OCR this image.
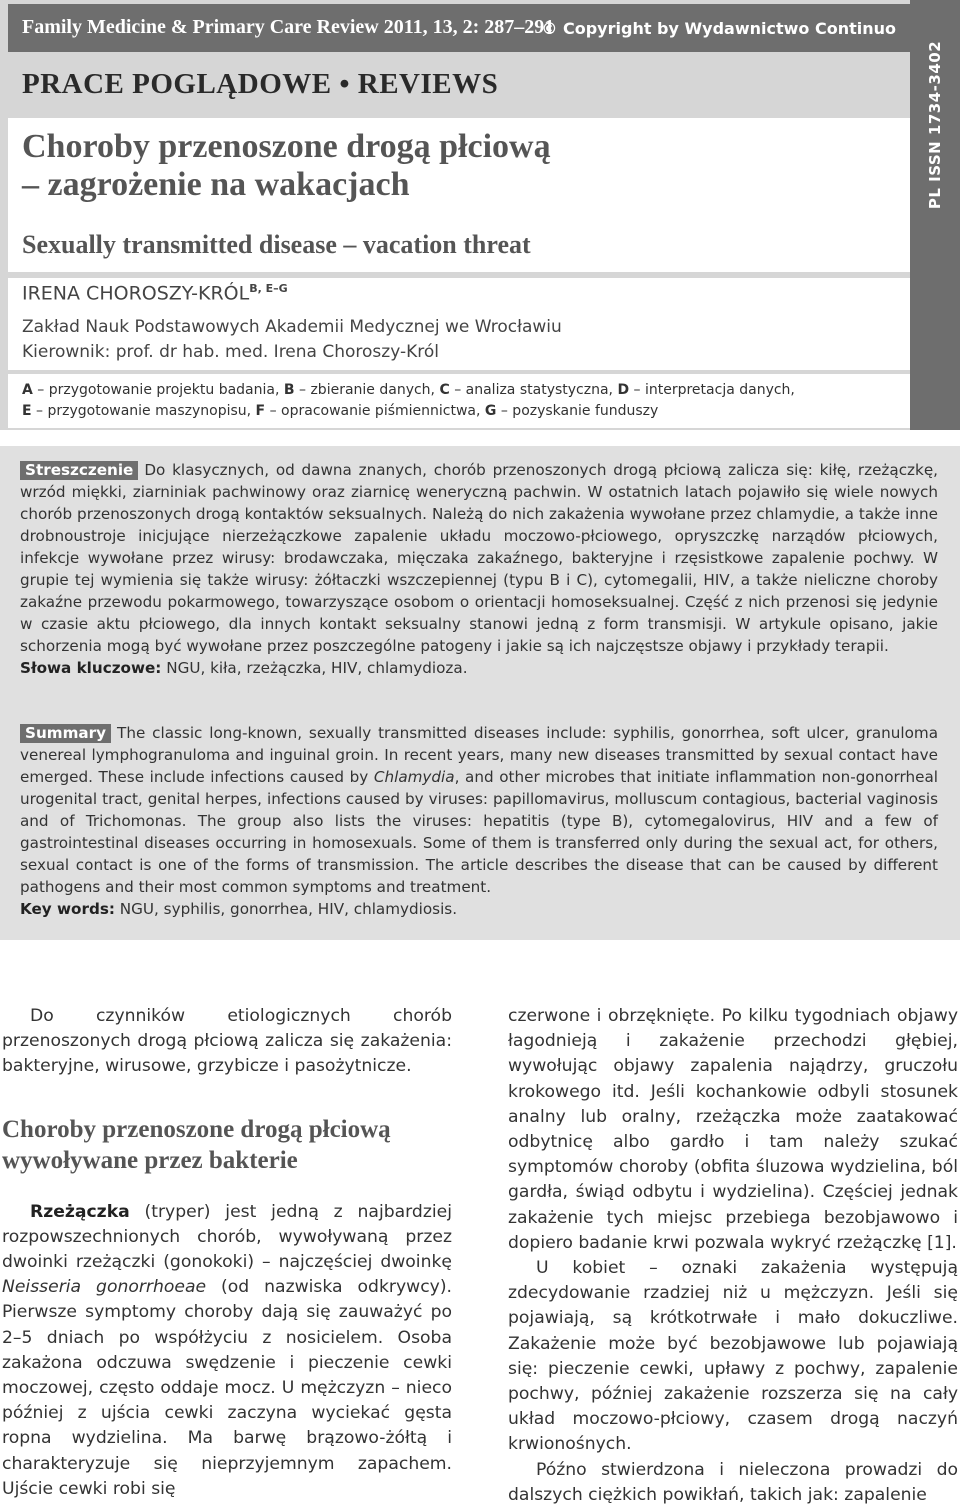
Family Medicine & Primary Care Review 2011, 13, 2: 287–291
© Copyright by Wydawnictwo Continuo
PL ISSN 1734-3402
PRACE POGLĄDOWE • REVIEWS
Choroby przenoszone drogą płciową
– zagrożenie na wakacjach
Sexually transmitted disease – vacation threat
IRENA CHOROSZY-$KRÓL^{B, E-G}$
Zakład Nauk Podstawowych Akademii Medycznej we Wrocławiu
Kierownik: prof. dr hab. med. Irena Choroszy-Król
A – przygotowanie projektu badania, B – zbieranie danych, C – analiza statystyczna, D – interpretacja danych,
E – przygotowanie maszynopisu, F – opracowanie piśmiennictwa, G – pozyskanie funduszy
Streszczenie Do klasycznych, od dawna znanych, chorób przenoszonych drogą płciową zalicza się: kiłę, rzeżączkę, wrzód miękki, ziarniniak pachwinowy oraz ziarnicę weneryczną pachwin. W ostatnich latach pojawiło się wiele nowych chorób przenoszonych drogą kontaktów seksualnych. Należą do nich zakażenia wywołane przez chlamydie, a także inne drobnoustroje inicjujące nierzeżączkowe zapalenie układu moczowo-płciowego, opryszczkę narządów płciowych, infekcje wywołane przez wirusy: brodawczaka, mięczaka zakaźnego, bakteryjne i rzęsistkowe zapalenie pochwy. W grupie tej wymienia się także wirusy: żółtaczki wszczepiennej (typu B i C), cytomegalii, HIV, a także nieliczne choroby zakaźne przewodu pokarmowego, towarzyszące osobom o orientacji homoseksualnej. Część z nich przenosi się jedynie w czasie aktu płciowego, dla innych kontakt seksualny stanowi jedną z form transmisji. W artykule opisano, jakie schorzenia mogą być wywołane przez poszczególne patogeny i jakie są ich najczęstsze objawy i przykłady terapii.
Słowa kluczowe: NGU, kiła, rzeżączka, HIV, chlamydioza.
Summary The classic long-known, sexually transmitted diseases include: syphilis, gonorrhea, soft ulcer, granuloma venereal lymphogranuloma and inguinal groin. In recent years, many new diseases transmitted by sexual contact have emerged. These include infections caused by Chlamydia, and other microbes that initiate inflammation non-gonorrheal urogenital tract, genital herpes, infections caused by viruses: papillomavirus, molluscum contagious, bacterial vaginosis and of Trichomonas. The group also lists the viruses: hepatitis (type B), cytomegalovirus, HIV and a few of gastrointestinal diseases occurring in homosexuals. Some of them is transferred only during the sexual act, for others, sexual contact is one of the forms of transmission. The article describes the disease that can be caused by different pathogens and their most common symptoms and treatment.
Key words: NGU, syphilis, gonorrhea, HIV, chlamydiosis.

Do czynników etiologicznych chorób przenoszonych drogą płciową zalicza się zakażenia: bakteryjne, wirusowe, grzybicze i pasożytnicze.

Choroby przenoszone drogą płciową wywoływane przez bakterie

Rzeżączka (tryper) jest jedną z najbardziej rozpowszechnionych chorób, wywoływaną przez dwoinki rzeżączki (gonokoki) – najczęściej dwoinkę Neisseria gonorrhoeae (od nazwiska odkrywcy). Pierwsze symptomy choroby dają się zauważyć po 2–5 dniach po współżyciu z nosicielem. Osoba zakażona odczuwa swędzenie i pieczenie cewki moczowej, często oddaje mocz. U mężczyzn – nieco później z ujścia cewki zaczyna wyciekać gęsta ropna wydzielina. Ma barwę brązowo-żółtą i charakteryzuje się nieprzyjemnym zapachem. Ujście cewki robi się

czerwone i obrzęknięte. Po kilku tygodniach objawy łagodnieją i zakażenie przechodzi głębiej, wywołując objawy zapalenia najądrzy, gruczołu krokowego itd. Jeśli kochankowie odbyli stosunek analny lub oralny, rzeżączka może zaatakować odbytnicę albo gardło i tam należy szukać symptomów choroby (obfita śluzowa wydzielina, ból gardła, świąd odbytu i wydzielina). Częściej jednak zakażenie tych miejsc przebiega bezobjawowo i dopiero badanie krwi pozwala wykryć rzeżączkę [1].

U kobiet – oznaki zakażenia występują zdecydowanie rzadziej niż u mężczyzn. Jeśli się pojawiają, są krótkotrwałe i mało dokuczliwe. Zakażenie może być bezobjawowe lub pojawiają się: pieczenie cewki, upławy z pochwy, zapalenie pochwy, później zakażenie rozszerza się na cały układ moczowo-płciowy, czasem drogą naczyń krwionośnych.

Późno stwierdzona i nieleczona prowadzi do dalszych ciężkich powikłań, takich jak: zapalenie
